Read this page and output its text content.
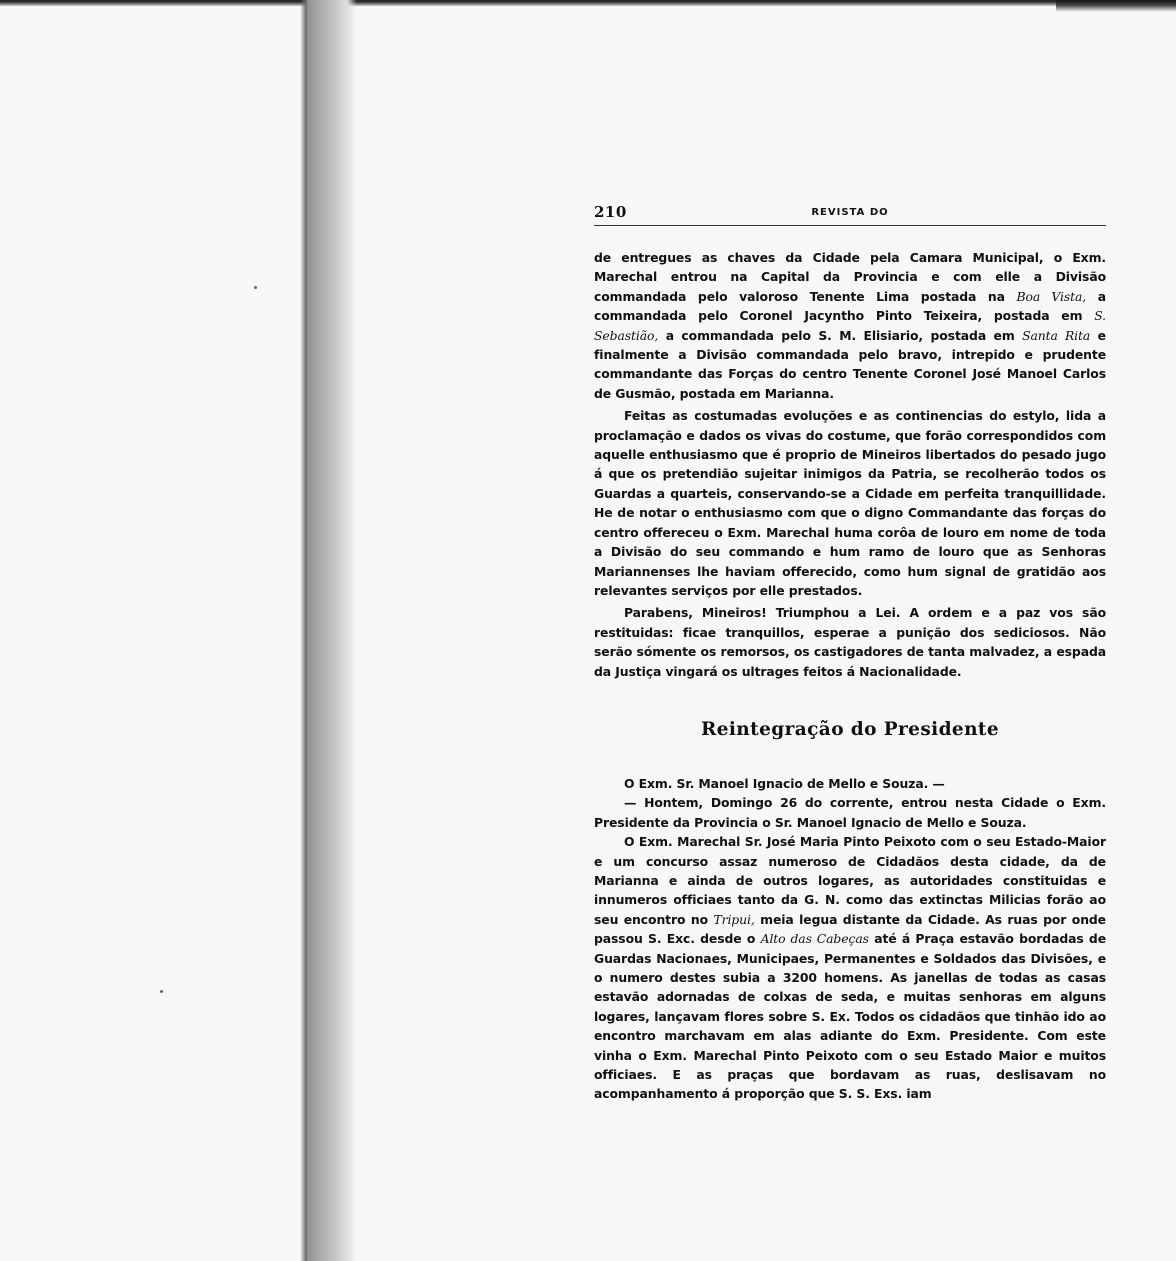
210	REVISTA DO

de entregues as chaves da Cidade pela Camara Municipal, o Exm. Marechal entrou na Capital da Provincia e com elle a Divisão commandada pelo valoroso Tenente Lima postada na Boa Vista, a commandada pelo Coronel Jacyntho Pinto Teixeira, postada em S. Sebastião, a commandada pelo S. M. Elisiario, postada em Santa Rita e finalmente a Divisão commandada pelo bravo, intrepido e prudente commandante das Forças do centro Tenente Coronel José Manoel Carlos de Gusmão, postada em Marianna.

Feitas as costumadas evoluções e as continencias do estylo, lida a proclamação e dados os vivas do costume, que forão correspondidos com aquelle enthusiasmo que é proprio de Mineiros libertados do pesado jugo á que os pretendião sujeitar inimigos da Patria, se recolherão todos os Guardas a quarteis, conservando-se a Cidade em perfeita tranquillidade. He de notar o enthusiasmo com que o digno Commandante das forças do centro offereceu o Exm. Marechal huma corôa de louro em nome de toda a Divisão do seu commando e hum ramo de louro que as Senhoras Mariannenses lhe haviam offerecido, como hum signal de gratidão aos relevantes serviços por elle prestados.

Parabens, Mineiros! Triumphou a Lei. A ordem e a paz vos são restituidas: ficae tranquillos, esperae a punição dos sediciosos. Não serão sómente os remorsos, os castigadores de tanta malvadez, a espada da Justiça vingará os ultrages feitos á Nacionalidade.

Reintegração do Presidente

O Exm. Sr. Manoel Ignacio de Mello e Souza. —

— Hontem, Domingo 26 do corrente, entrou nesta Cidade o Exm. Presidente da Provincia o Sr. Manoel Ignacio de Mello e Souza.

O Exm. Marechal Sr. José Maria Pinto Peixoto com o seu Estado-Maior e um concurso assaz numeroso de Cidadãos desta cidade, da de Marianna e ainda de outros logares, as autoridades constituidas e innumeros officiaes tanto da G. N. como das extinctas Milicias forão ao seu encontro no Tripui, meia legua distante da Cidade. As ruas por onde passou S. Exc. desde o Alto das Cabeças até á Praça estavão bordadas de Guardas Nacionaes, Municipaes, Permanentes e Soldados das Divisões, e o numero destes subia a 3200 homens. As janellas de todas as casas estavão adornadas de colxas de seda, e muitas senhoras em alguns logares, lançavam flores sobre S. Ex. Todos os cidadãos que tinhão ido ao encontro marchavam em alas adiante do Exm. Presidente. Com este vinha o Exm. Marechal Pinto Peixoto com o seu Estado Maior e muitos officiaes. E as praças que bordavam as ruas, deslisavam no acompanhamento á proporção que S. S. Exs. iam
